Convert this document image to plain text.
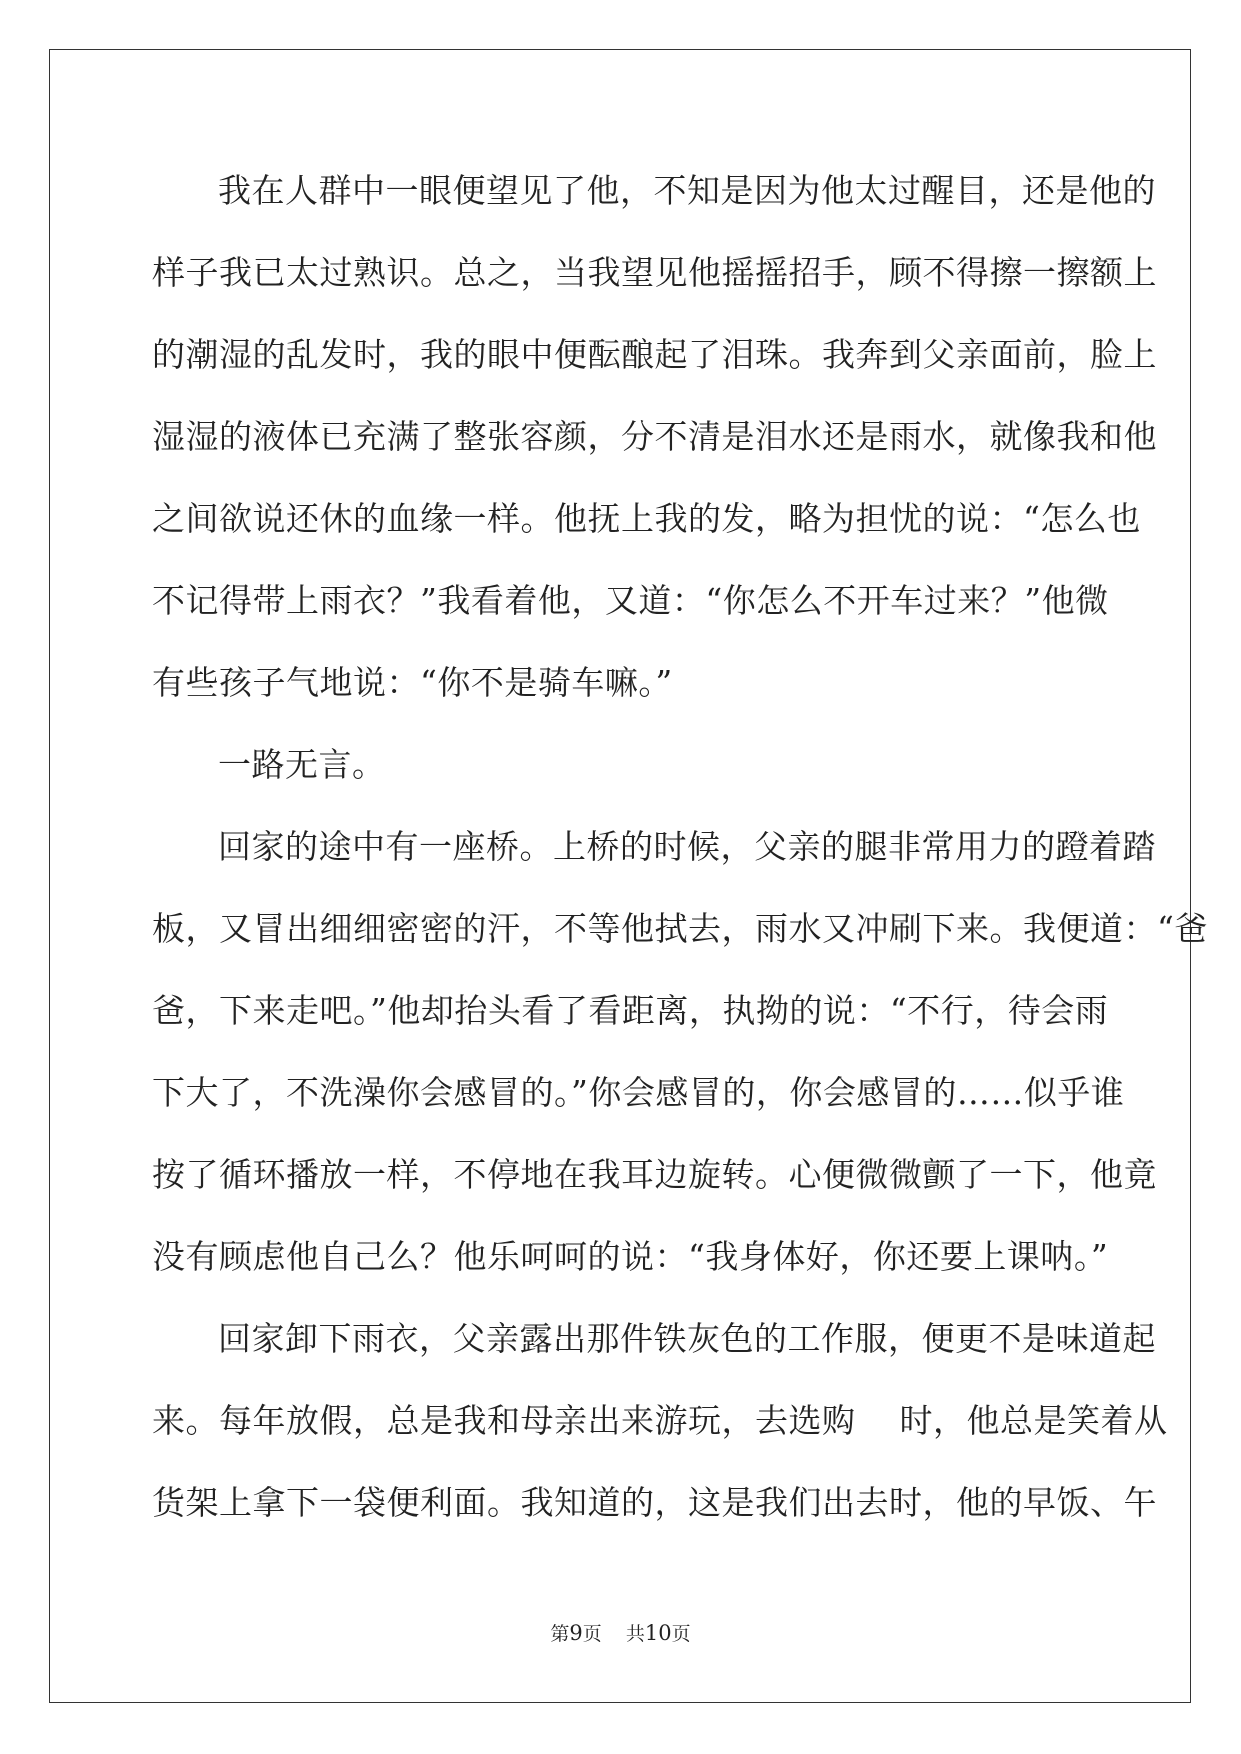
我在人群中一眼便望见了他，不知是因为他太过醒目，还是他的
样子我已太过熟识。总之，当我望见他摇摇招手，顾不得擦一擦额上
的潮湿的乱发时，我的眼中便酝酿起了泪珠。我奔到父亲面前，脸上
湿湿的液体已充满了整张容颜，分不清是泪水还是雨水，就像我和他
之间欲说还休的血缘一样。他抚上我的发，略为担忧的说：“怎么也
不记得带上雨衣？”我看着他，又道：“你怎么不开车过来？”他微
有些孩子气地说：“你不是骑车嘛。”
一路无言。
回家的途中有一座桥。上桥的时候，父亲的腿非常用力的蹬着踏
板，又冒出细细密密的汗，不等他拭去，雨水又冲刷下来。我便道：“爸
爸，下来走吧。”他却抬头看了看距离，执拗的说：“不行，待会雨
下大了，不洗澡你会感冒的。”你会感冒的，你会感冒的……似乎谁
按了循环播放一样，不停地在我耳边旋转。心便微微颤了一下，他竟
没有顾虑他自己么？他乐呵呵的说：“我身体好，你还要上课呐。”
回家卸下雨衣，父亲露出那件铁灰色的工作服，便更不是味道起
来。每年放假，总是我和母亲出来游玩，去选购    时，他总是笑着从
货架上拿下一袋便利面。我知道的，这是我们出去时，他的早饭、午
第9页    共10页
